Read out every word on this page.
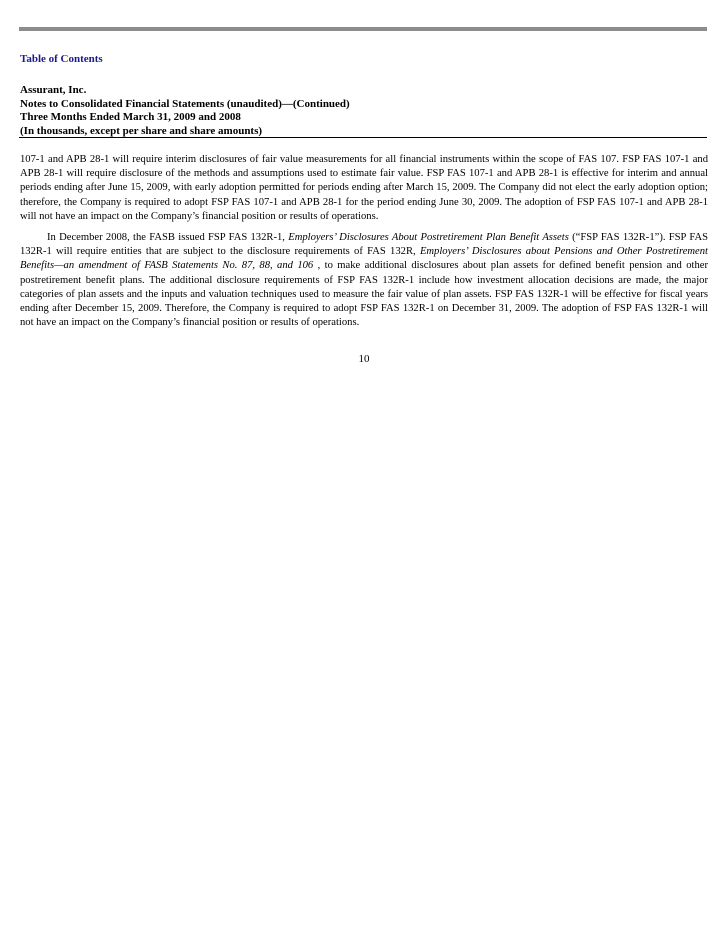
Table of Contents
Assurant, Inc.
Notes to Consolidated Financial Statements (unaudited)—(Continued)
Three Months Ended March 31, 2009 and 2008
(In thousands, except per share and share amounts)

107-1 and APB 28-1 will require interim disclosures of fair value measurements for all financial instruments within the scope of FAS 107. FSP FAS 107-1 and APB 28-1 will require disclosure of the methods and assumptions used to estimate fair value. FSP FAS 107-1 and APB 28-1 is effective for interim and annual periods ending after June 15, 2009, with early adoption permitted for periods ending after March 15, 2009. The Company did not elect the early adoption option; therefore, the Company is required to adopt FSP FAS 107-1 and APB 28-1 for the period ending June 30, 2009. The adoption of FSP FAS 107-1 and APB 28-1 will not have an impact on the Company’s financial position or results of operations.

In December 2008, the FASB issued FSP FAS 132R-1, Employers’ Disclosures About Postretirement Plan Benefit Assets (“FSP FAS 132R-1”). FSP FAS 132R-1 will require entities that are subject to the disclosure requirements of FAS 132R, Employers’ Disclosures about Pensions and Other Postretirement Benefits—an amendment of FASB Statements No. 87, 88, and 106 , to make additional disclosures about plan assets for defined benefit pension and other postretirement benefit plans. The additional disclosure requirements of FSP FAS 132R-1 include how investment allocation decisions are made, the major categories of plan assets and the inputs and valuation techniques used to measure the fair value of plan assets. FSP FAS 132R-1 will be effective for fiscal years ending after December 15, 2009. Therefore, the Company is required to adopt FSP FAS 132R-1 on December 31, 2009. The adoption of FSP FAS 132R-1 will not have an impact on the Company’s financial position or results of operations.

10
